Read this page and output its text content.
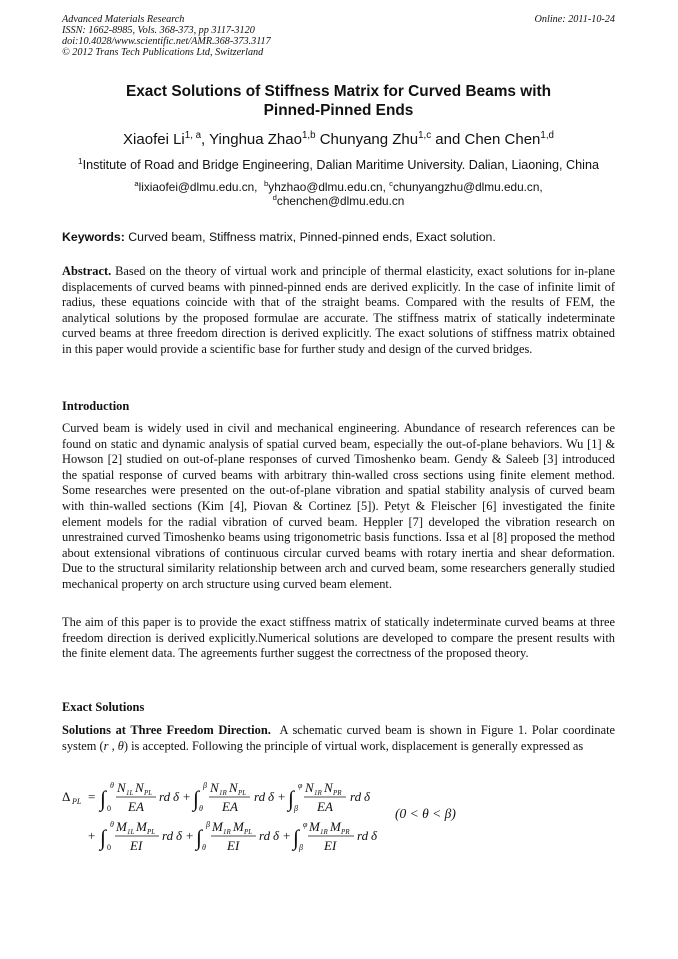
Advanced Materials Research
ISSN: 1662-8985, Vols. 368-373, pp 3117-3120
doi:10.4028/www.scientific.net/AMR.368-373.3117
© 2012 Trans Tech Publications Ltd, Switzerland
Online: 2011-10-24
Exact Solutions of Stiffness Matrix for Curved Beams with
Pinned-Pinned Ends
Xiaofei Li$^{1, a}$, Yinghua Zhao$^{1,b}$ Chunyang Zhu$^{1,c}$ and Chen Chen$^{1,d}$
$^1$Institute of Road and Bridge Engineering, Dalian Maritime University. Dalian, Liaoning, China
$^a$lixiaofei@dlmu.edu.cn, $^b$yhzhao@dlmu.edu.cn, $^c$chunyangzhu@dlmu.edu.cn,
$^d$chenchen@dlmu.edu.cn
Keywords: Curved beam, Stiffness matrix, Pinned-pinned ends, Exact solution.
Abstract. Based on the theory of virtual work and principle of thermal elasticity, exact solutions for in-plane displacements of curved beams with pinned-pinned ends are derived explicitly. In the case of infinite limit of radius, these equations coincide with that of the straight beams. Compared with the results of FEM, the analytical solutions by the proposed formulae are accurate. The stiffness matrix of statically indeterminate curved beams at three freedom direction is derived explicitly. The exact solutions of stiffness matrix obtained in this paper would provide a scientific base for further study and design of the curved bridges.
Introduction
Curved beam is widely used in civil and mechanical engineering. Abundance of research references can be found on static and dynamic analysis of spatial curved beam, especially the out-of-plane behaviors. Wu [1] & Howson [2] studied on out-of-plane responses of curved Timoshenko beam. Gendy & Saleeb [3] introduced the spatial response of curved beams with arbitrary thin-walled cross sections using finite element method. Some researches were presented on the out-of-plane vibration and spatial stability analysis of curved beam with thin-walled sections (Kim [4], Piovan & Cortinez [5]). Petyt & Fleischer [6] investigated the finite element models for the radial vibration of curved beam. Heppler [7] developed the vibration research on unrestrained curved Timoshenko beams using trigonometric basis functions. Issa et al [8] proposed the method about extensional vibrations of continuous circular curved beams with rotary inertia and shear deformation. Due to the structural similarity relationship between arch and curved beam, some researchers generally studied mechanical property on arch structure using curved beam element.
The aim of this paper is to provide the exact stiffness matrix of statically indeterminate curved beams at three freedom direction is derived explicitly.Numerical solutions are developed to compare the present results with the finite element data. The agreements further suggest the correctness of the proposed theory.
Exact Solutions
Solutions at Three Freedom Direction. A schematic curved beam is shown in Figure 1. Polar coordinate system (r , θ) is accepted. Following the principle of virtual work, displacement is generally expressed as
Δ PL = ∫
θ
0
N 1L N PL
EA
rd δ + ∫
β
θ
N 1R N PL
EA
rd δ + ∫
φ
β
N 1R N PR
EA
rd δ
+ ∫
θ
0
M 1L M PL
EI
rd δ + ∫
β
θ
M 1R M PL
EI
rd δ + ∫
φ
β
M 1R M PR
EI
rd δ
(0 < θ < β)
